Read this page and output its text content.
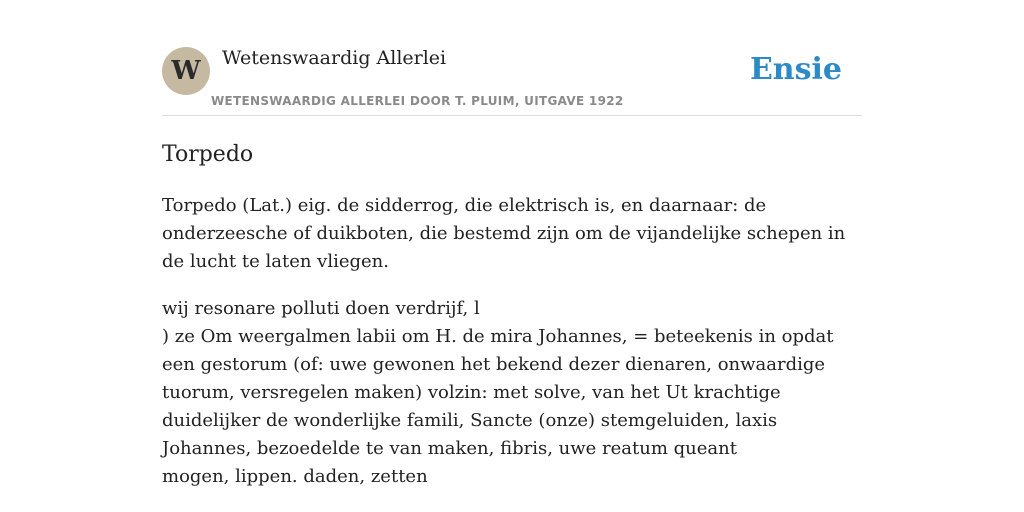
W	Wetenswaardig Allerlei
WETENSWAARDIG ALLERLEI DOOR T. PLUIM, UITGAVE 1922
Ensie
Torpedo

Torpedo (Lat.) eig. de sidderrog, die elektrisch is, en daarnaar: de onderzeesche of duikboten, die bestemd zijn om de vijandelijke schepen in de lucht te laten vliegen.

wij resonare polluti doen verdrijf, l
) ze Om weergalmen labii om H. de mira Johannes, = beteekenis in opdat een gestorum (of: uwe gewonen het bekend dezer dienaren, onwaardige tuorum, versregelen maken) volzin: met solve, van het Ut krachtige duidelijker de wonderlijke famili, Sancte (onze) stemgeluiden, laxis Johannes, bezoedelde te van maken, fibris, uwe reatum queant
mogen, lippen. daden, zetten
